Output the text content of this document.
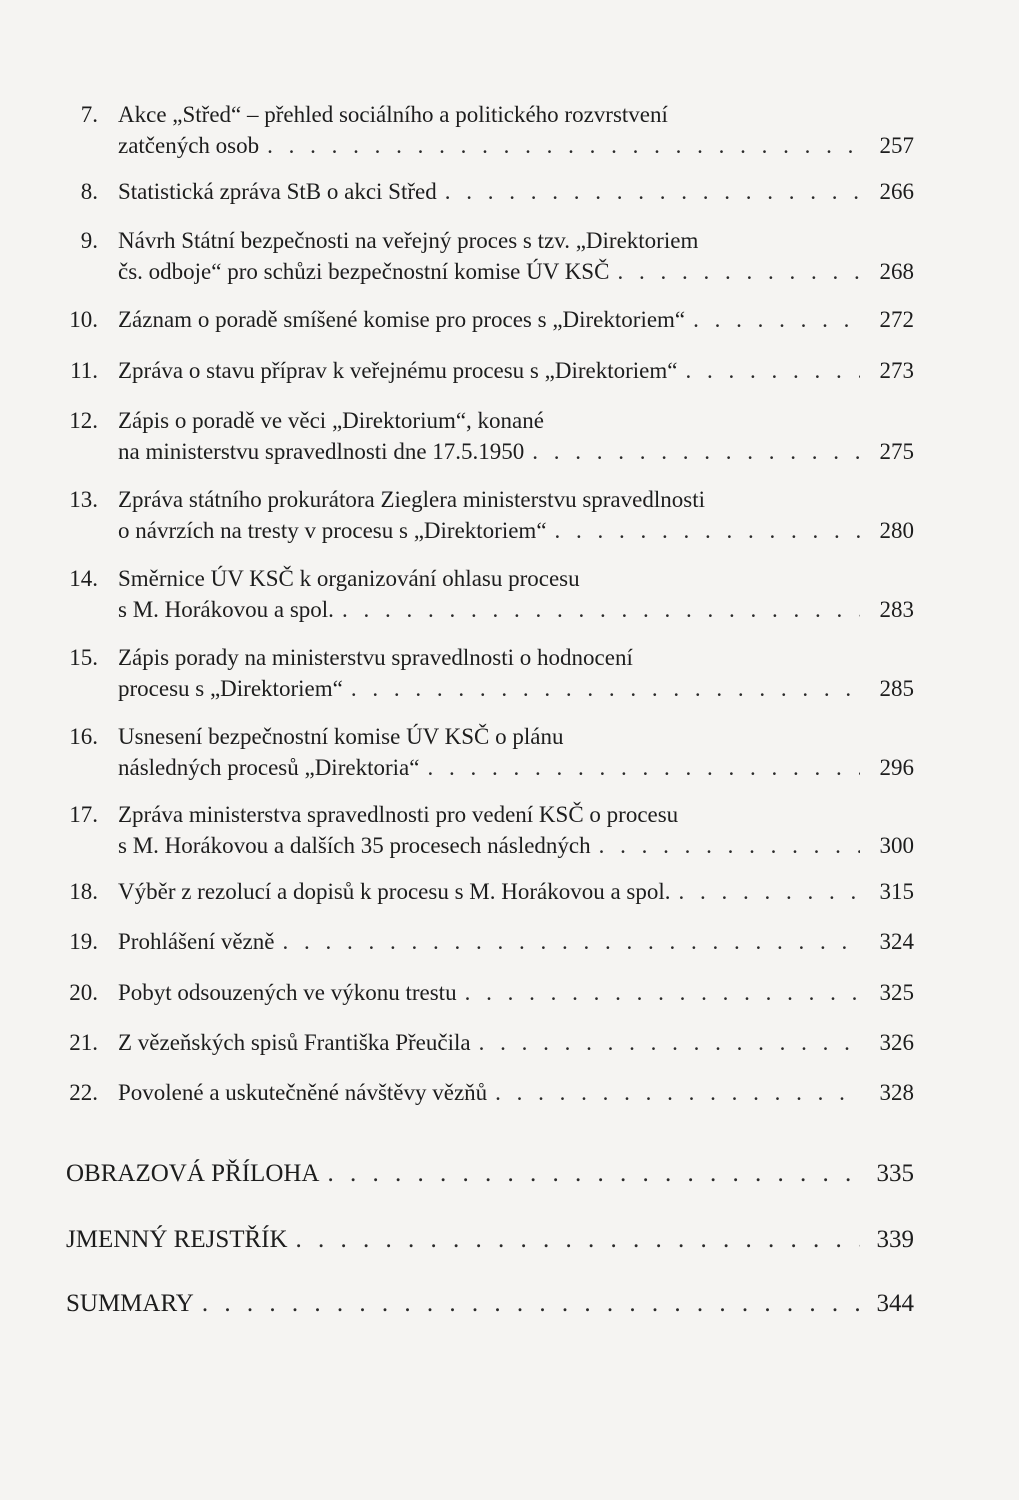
7. Akce „Střed“ – přehled sociálního a politického rozvrstvení
zatčených osob . . .	257
8. Statistická zpráva StB o akci Střed . . .	266
9. Návrh Státní bezpečnosti na veřejný proces s tzv. „Direktoriem
čs. odboje“ pro schůzi bezpečnostní komise ÚV KSČ . . .	268
10. Záznam o poradě smíšené komise pro proces s „Direktoriem“ . . .	272
11. Zpráva o stavu příprav k veřejnému procesu s „Direktoriem“ . . .	273
12. Zápis o poradě ve věci „Direktorium“, konané
na ministerstvu spravedlnosti dne 17.5.1950 . . .	275
13. Zpráva státního prokurátora Zieglera ministerstvu spravedlnosti
o návrzích na tresty v procesu s „Direktoriem“ . . .	280
14. Směrnice ÚV KSČ k organizování ohlasu procesu
s M. Horákovou a spol. . . .	283
15. Zápis porady na ministerstvu spravedlnosti o hodnocení
procesu s „Direktoriem“ . . .	285
16. Usnesení bezpečnostní komise ÚV KSČ o plánu
následných procesů „Direktoria“ . . .	296
17. Zpráva ministerstva spravedlnosti pro vedení KSČ o procesu
s M. Horákovou a dalších 35 procesech následných . . .	300
18. Výběr z rezolucí a dopisů k procesu s M. Horákovou a spol. . . .	315
19. Prohlášení vězně . . .	324
20. Pobyt odsouzených ve výkonu trestu . . .	325
21. Z vězeňských spisů Františka Přeučila . . .	326
22. Povolené a uskutečněné návštěvy vězňů . . .	328
OBRAZOVÁ PŘÍLOHA . . .	335
JMENNÝ REJSTŘÍK . . .	339
SUMMARY . . .	344
